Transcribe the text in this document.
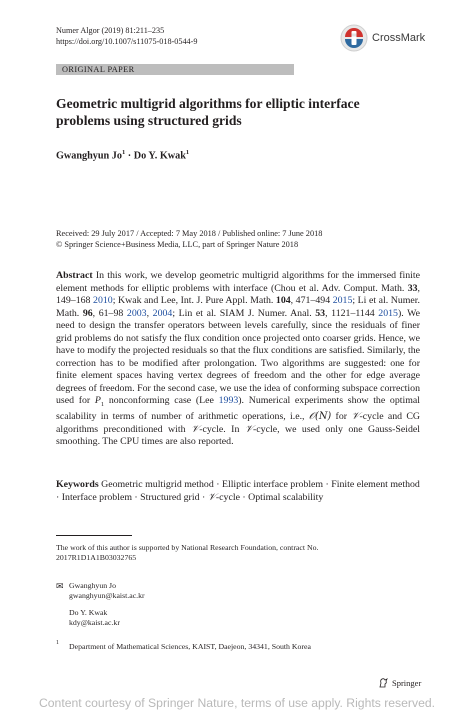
Numer Algor (2019) 81:211–235
https://doi.org/10.1007/s11075-018-0544-9	CrossMark
ORIGINAL PAPER
Geometric multigrid algorithms for elliptic interface problems using structured grids
Gwanghyun $Jo^1 \cdot Do$ Y. Kwak$^1$
Received: 29 July 2017 / Accepted: 7 May 2018 / Published online: 7 June 2018
© Springer Science+Business Media, LLC, part of Springer Nature 2018
Abstract In this work, we develop geometric multigrid algorithms for the immersed finite element methods for elliptic problems with interface (Chou et al. Adv. Comput. Math. 33, 149–168 2010; Kwak and Lee, Int. J. Pure Appl. Math. 104, 471–494 2015; Li et al. Numer. Math. 96, 61–98 2003, 2004; Lin et al. SIAM J. Numer. Anal. 53, 1121–1144 2015). We need to design the transfer operators between levels carefully, since the residuals of finer grid problems do not satisfy the flux condition once projected onto coarser grids. Hence, we have to modify the projected residuals so that the flux conditions are satisfied. Similarly, the correction has to be modified after prolongation. Two algorithms are suggested: one for finite element spaces having vertex degrees of freedom and the other for edge average degrees of freedom. For the second case, we use the idea of conforming subspace correction used for $P_1$ nonconforming case (Lee 1993). Numerical experiments show the optimal scalability in terms of number of arithmetic operations, i.e., 𝒪(N) for 𝒱-cycle and CG algorithms preconditioned with 𝒱-cycle. In 𝒱-cycle, we used only one Gauss-Seidel smoothing. The CPU times are also reported.
Keywords Geometric multigrid method · Elliptic interface problem · Finite element method · Interface problem · Structured grid · 𝒱-cycle · Optimal scalability
The work of this author is supported by National Research Foundation, contract No. 2017R1D1A1B03032765
✉ Gwanghyun Jo
gwanghyun@kaist.ac.kr
Do Y. Kwak
kdy@kaist.ac.kr
1 Department of Mathematical Sciences, KAIST, Daejeon, 34341, South Korea
Springer
Content courtesy of Springer Nature, terms of use apply. Rights reserved.
